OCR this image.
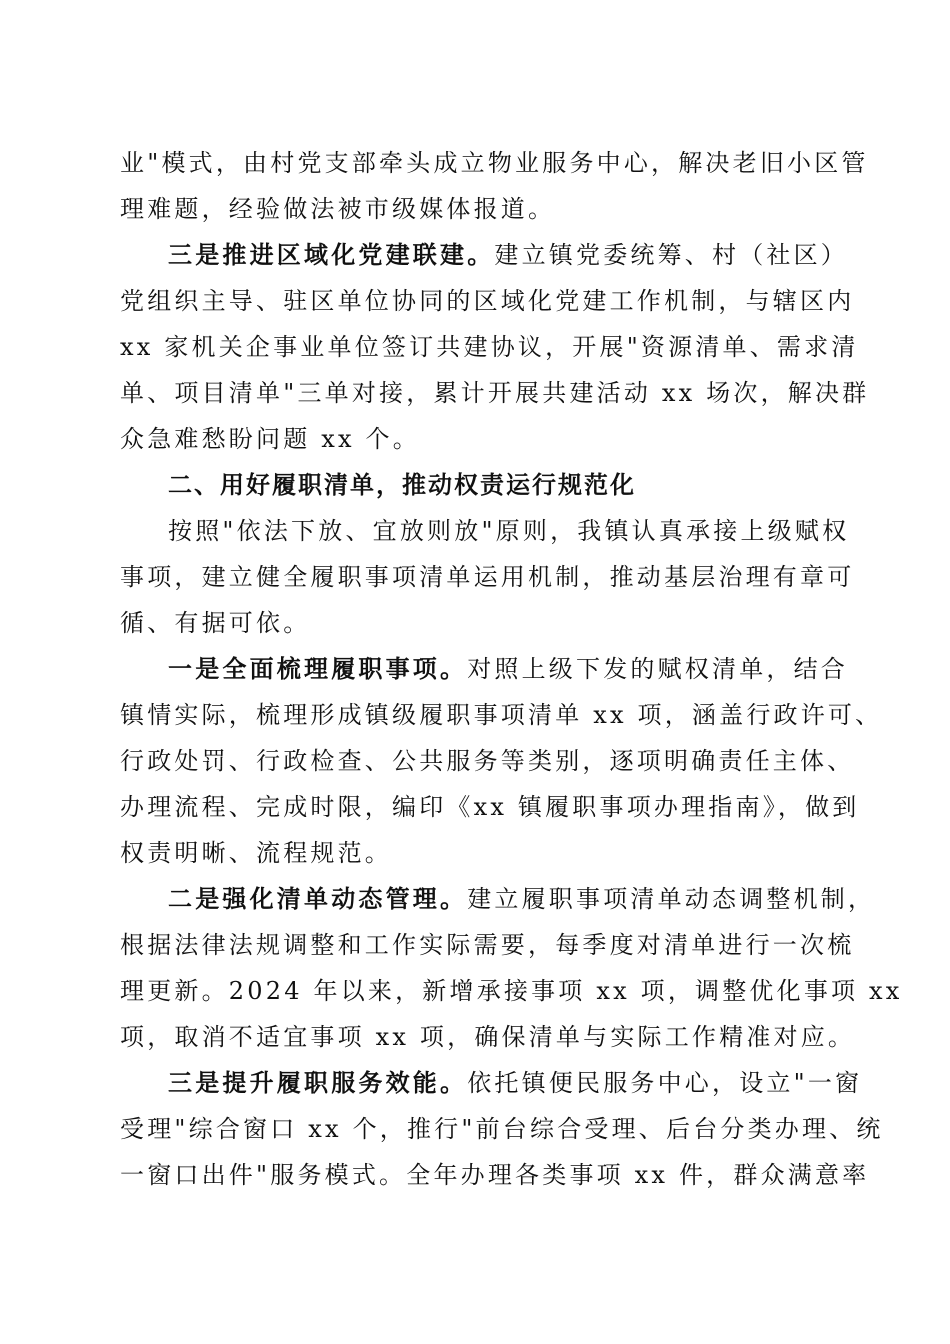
业"模式，由村党支部牵头成立物业服务中心，解决老旧小区管
理难题，经验做法被市级媒体报道。
三是推进区域化党建联建。建立镇党委统筹、村（社区）
党组织主导、驻区单位协同的区域化党建工作机制，与辖区内
xx 家机关企事业单位签订共建协议，开展"资源清单、需求清
单、项目清单"三单对接，累计开展共建活动 xx 场次，解决群
众急难愁盼问题 xx 个。
二、用好履职清单，推动权责运行规范化
按照"依法下放、宜放则放"原则，我镇认真承接上级赋权
事项，建立健全履职事项清单运用机制，推动基层治理有章可
循、有据可依。
一是全面梳理履职事项。对照上级下发的赋权清单，结合
镇情实际，梳理形成镇级履职事项清单 xx 项，涵盖行政许可、
行政处罚、行政检查、公共服务等类别，逐项明确责任主体、
办理流程、完成时限，编印《xx 镇履职事项办理指南》，做到
权责明晰、流程规范。
二是强化清单动态管理。建立履职事项清单动态调整机制，
根据法律法规调整和工作实际需要，每季度对清单进行一次梳
理更新。2024 年以来，新增承接事项 xx 项，调整优化事项 xx
项，取消不适宜事项 xx 项，确保清单与实际工作精准对应。
三是提升履职服务效能。依托镇便民服务中心，设立"一窗
受理"综合窗口 xx 个，推行"前台综合受理、后台分类办理、统
一窗口出件"服务模式。全年办理各类事项 xx 件，群众满意率
